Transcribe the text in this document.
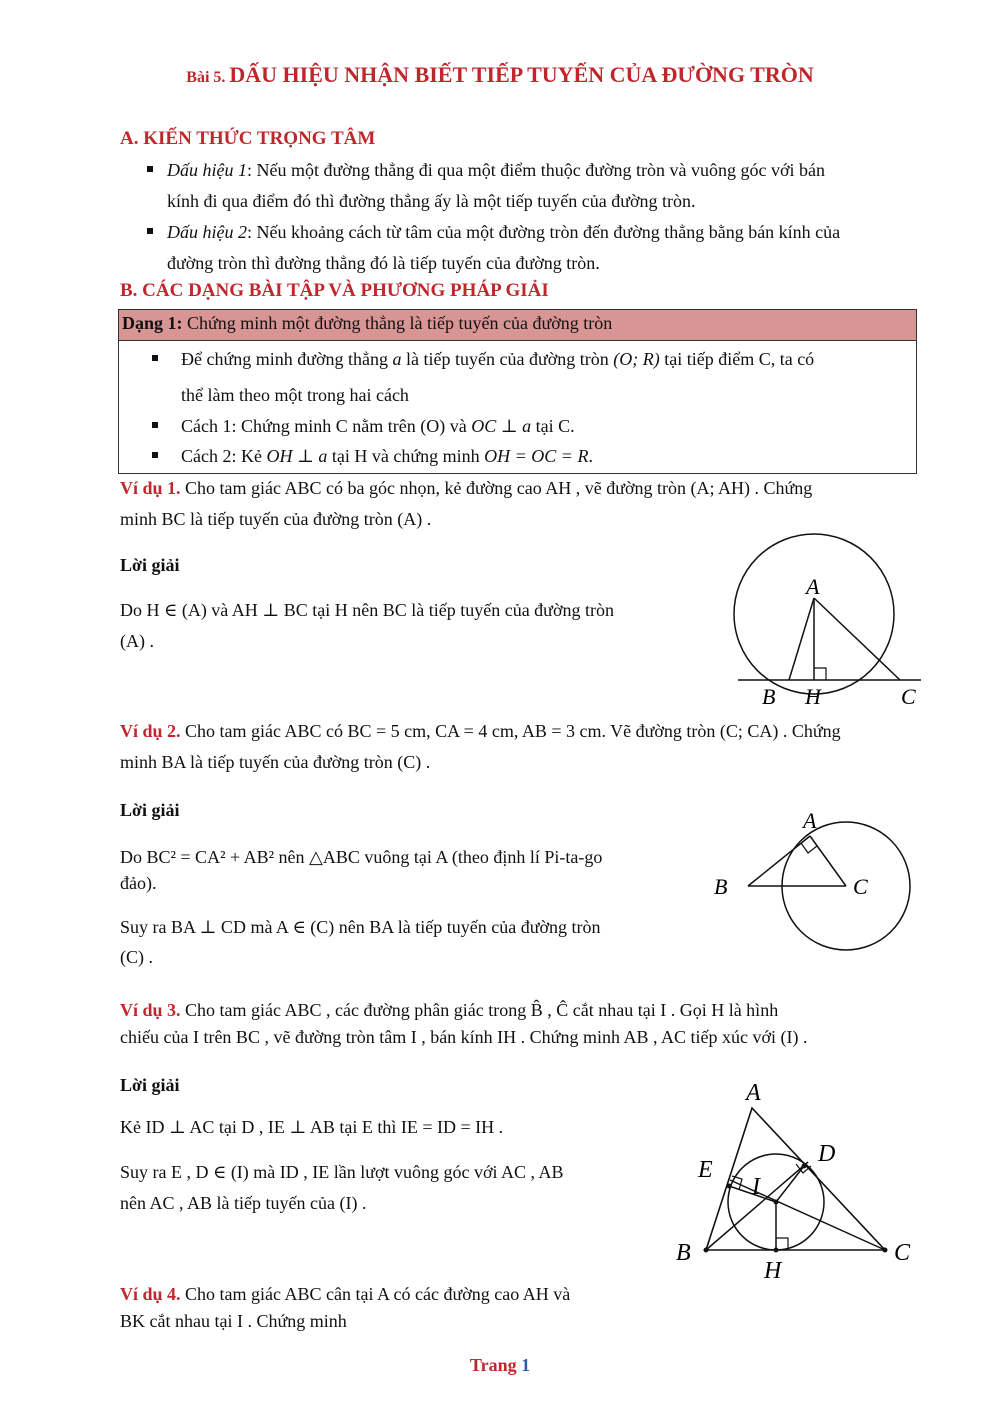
Bài 5. DẤU HIỆU NHẬN BIẾT TIẾP TUYẾN CỦA ĐƯỜNG TRÒN
A. KIẾN THỨC TRỌNG TÂM
Dấu hiệu 1: Nếu một đường thẳng đi qua một điểm thuộc đường tròn và vuông góc với bán
kính đi qua điểm đó thì đường thẳng ấy là một tiếp tuyến của đường tròn.
Dấu hiệu 2: Nếu khoảng cách từ tâm của một đường tròn đến đường thẳng bằng bán kính của
đường tròn thì đường thẳng đó là tiếp tuyến của đường tròn.
B. CÁC DẠNG BÀI TẬP VÀ PHƯƠNG PHÁP GIẢI
Dạng 1: Chứng minh một đường thẳng là tiếp tuyến của đường tròn
Để chứng minh đường thẳng a là tiếp tuyến của đường tròn (O; R) tại tiếp điểm C, ta có
thể làm theo một trong hai cách
Cách 1: Chứng minh C nằm trên (O) và OC ⊥ a tại C.
Cách 2: Kẻ OH ⊥ a tại H và chứng minh OH = OC = R.
Ví dụ 1. Cho tam giác ABC có ba góc nhọn, kẻ đường cao AH , vẽ đường tròn (A; AH) . Chứng
minh BC là tiếp tuyến của đường tròn (A) .
Lời giải
Do H ∈ (A) và AH ⊥ BC tại H nên BC là tiếp tuyến của đường tròn
(A) .
A
B H	C
Ví dụ 2. Cho tam giác ABC có BC = 5 cm, CA = 4 cm, AB = 3 cm. Vẽ đường tròn (C; CA) . Chứng
minh BA là tiếp tuyến của đường tròn (C) .
Lời giải
Do BC² = CA² + AB² nên △ABC vuông tại A (theo định lí Pi-ta-go
đảo).
Suy ra BA ⊥ CD mà A ∈ (C) nên BA là tiếp tuyến của đường tròn
(C) .
A
B	C
Ví dụ 3. Cho tam giác ABC , các đường phân giác trong B̂ , Ĉ cắt nhau tại I . Gọi H là hình
chiếu của I trên BC , vẽ đường tròn tâm I , bán kính IH . Chứng minh AB , AC tiếp xúc với (I) .
Lời giải
Kẻ ID ⊥ AC tại D , IE ⊥ AB tại E thì IE = ID = IH .
Suy ra E , D ∈ (I) mà ID , IE lần lượt vuông góc với AC , AB
nên AC , AB là tiếp tuyến của (I) .
A
B	C
D
E
I
H
Ví dụ 4. Cho tam giác ABC cân tại A có các đường cao AH và
BK cắt nhau tại I . Chứng minh
Trang 1
